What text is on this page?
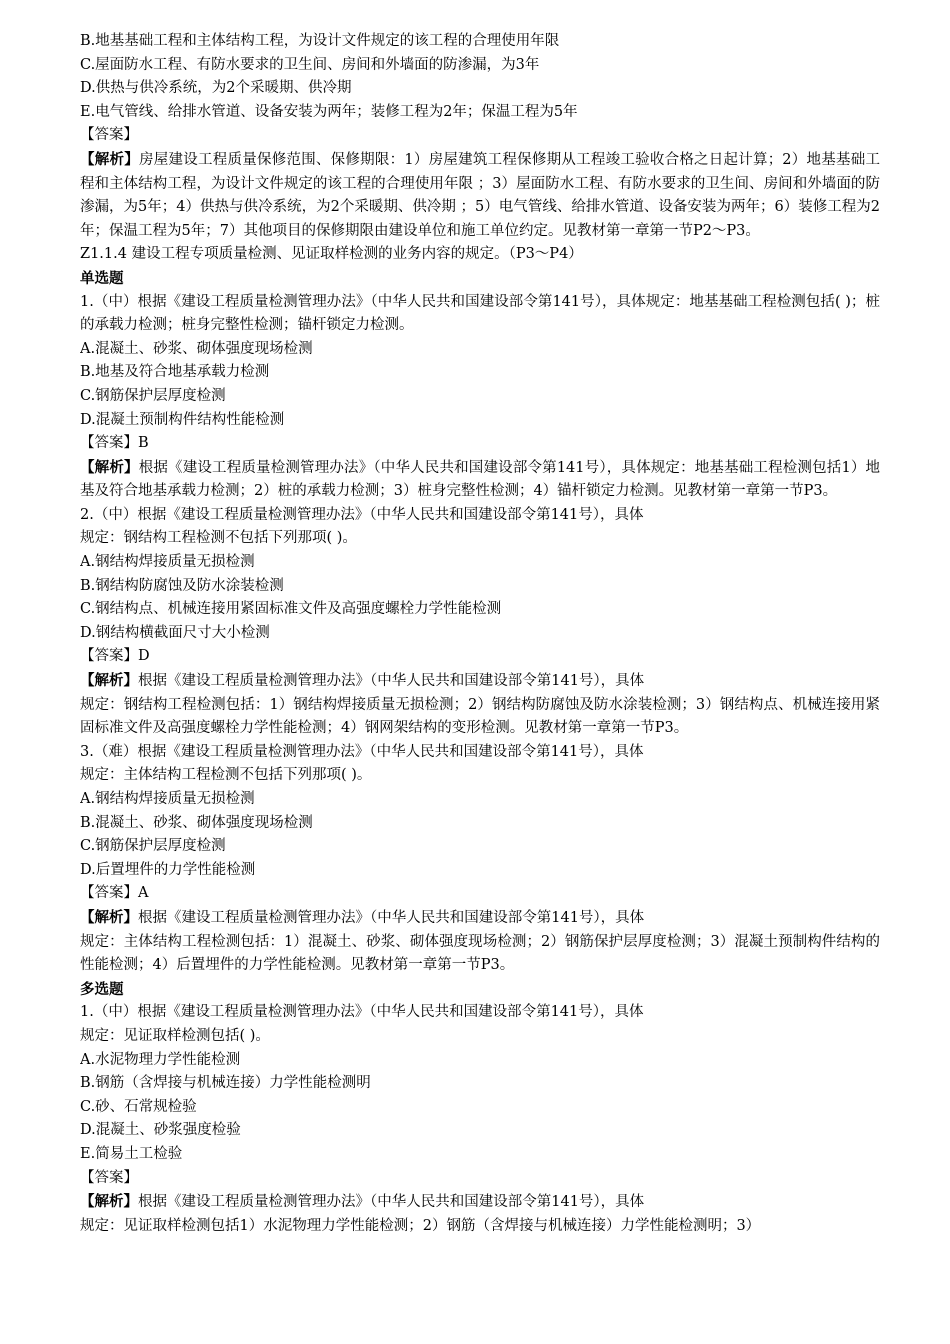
B.地基基础工程和主体结构工程，为设计文件规定的该工程的合理使用年限
C.屋面防水工程、有防水要求的卫生间、房间和外墙面的防渗漏，为3年
D.供热与供冷系统，为2个采暖期、供冷期
E.电气管线、给排水管道、设备安装为两年；装修工程为2年；保温工程为5年
【答案】
【解析】房屋建设工程质量保修范围、保修期限：1）房屋建筑工程保修期从工程竣工验收合格之日起计算；2）地基基础工程和主体结构工程，为设计文件规定的该工程的合理使用年限 ；3）屋面防水工程、有防水要求的卫生间、房间和外墙面的防渗漏，为5年；4）供热与供冷系统，为2个采暖期、供冷期 ；5）电气管线、给排水管道、设备安装为两年；6）装修工程为2年；保温工程为5年；7）其他项目的保修期限由建设单位和施工单位约定。见教材第一章第一节P2～P3。
Z1.1.4 建设工程专项质量检测、见证取样检测的业务内容的规定。（P3～P4）
单选题
1.（中）根据《建设工程质量检测管理办法》（中华人民共和国建设部令第141号），具体规定：地基基础工程检测包括( )；桩的承载力检测；桩身完整性检测；锚杆锁定力检测。
A.混凝土、砂浆、砌体强度现场检测
B.地基及符合地基承载力检测
C.钢筋保护层厚度检测
D.混凝土预制构件结构性能检测
【答案】B
【解析】根据《建设工程质量检测管理办法》（中华人民共和国建设部令第141号），具体规定：地基基础工程检测包括1）地基及符合地基承载力检测；2）桩的承载力检测；3）桩身完整性检测；4）锚杆锁定力检测。见教材第一章第一节P3。
2.（中）根据《建设工程质量检测管理办法》（中华人民共和国建设部令第141号），具体
规定：钢结构工程检测不包括下列那项( )。
A.钢结构焊接质量无损检测
B.钢结构防腐蚀及防水涂装检测
C.钢结构点、机械连接用紧固标准文件及高强度螺栓力学性能检测
D.钢结构横截面尺寸大小检测
【答案】D
【解析】根据《建设工程质量检测管理办法》（中华人民共和国建设部令第141号），具体
规定：钢结构工程检测包括：1）钢结构焊接质量无损检测；2）钢结构防腐蚀及防水涂装检测；3）钢结构点、机械连接用紧固标准文件及高强度螺栓力学性能检测；4）钢网架结构的变形检测。见教材第一章第一节P3。
3.（难）根据《建设工程质量检测管理办法》（中华人民共和国建设部令第141号），具体
规定：主体结构工程检测不包括下列那项( )。
A.钢结构焊接质量无损检测
B.混凝土、砂浆、砌体强度现场检测
C.钢筋保护层厚度检测
D.后置埋件的力学性能检测
【答案】A
【解析】根据《建设工程质量检测管理办法》（中华人民共和国建设部令第141号），具体
规定：主体结构工程检测包括：1）混凝土、砂浆、砌体强度现场检测；2）钢筋保护层厚度检测；3）混凝土预制构件结构的性能检测；4）后置埋件的力学性能检测。见教材第一章第一节P3。
多选题
1.（中）根据《建设工程质量检测管理办法》（中华人民共和国建设部令第141号），具体
规定：见证取样检测包括( )。
A.水泥物理力学性能检测
B.钢筋（含焊接与机械连接）力学性能检测明
C.砂、石常规检验
D.混凝土、砂浆强度检验
E.简易土工检验
【答案】
【解析】根据《建设工程质量检测管理办法》（中华人民共和国建设部令第141号），具体
规定：见证取样检测包括1）水泥物理力学性能检测；2）钢筋（含焊接与机械连接）力学性能检测明；3）
